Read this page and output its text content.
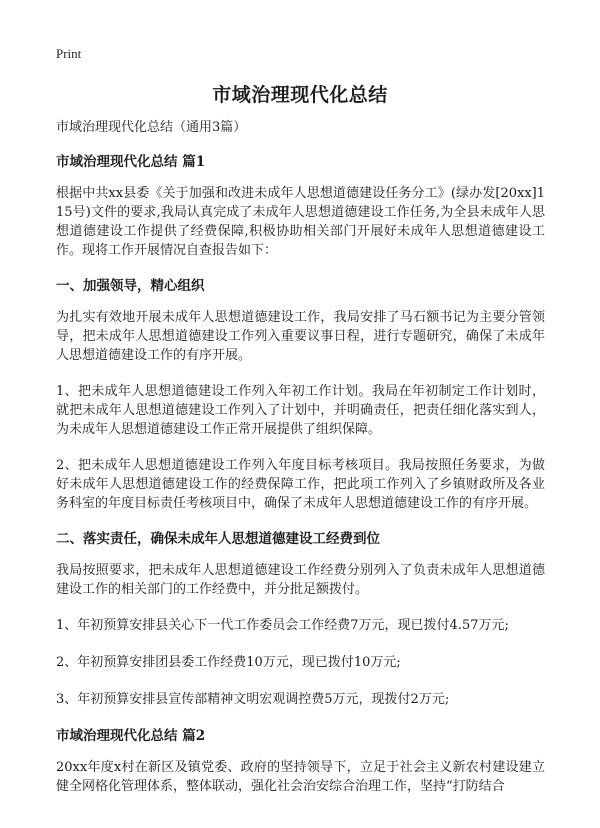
Print
市域治理现代化总结
市域治理现代化总结（通用3篇）
市域治理现代化总结 篇1
根据中共xx县委《关于加强和改进未成年人思想道德建设任务分工》(绿办发[20xx]115号)文件的要求,我局认真完成了未成年人思想道德建设工作任务,为全县未成年人思想道德建设工作提供了经费保障,积极协助相关部门开展好未成年人思想道德建设工作。现将工作开展情况自查报告如下：
一、加强领导，精心组织
为扎实有效地开展未成年人思想道德建设工作，我局安排了马石额书记为主要分管领导，把未成年人思想道德建设工作列入重要议事日程，进行专题研究，确保了未成年人思想道德建设工作的有序开展。
1、把未成年人思想道德建设工作列入年初工作计划。我局在年初制定工作计划时，就把未成年人思想道德建设工作列入了计划中，并明确责任，把责任细化落实到人，为未成年人思想道德建设工作正常开展提供了组织保障。
2、把未成年人思想道德建设工作列入年度目标考核项目。我局按照任务要求，为做好未成年人思想道德建设工作的经费保障工作，把此项工作列入了乡镇财政所及各业务科室的年度目标责任考核项目中，确保了未成年人思想道德建设工作的有序开展。
二、落实责任，确保未成年人思想道德建设工经费到位
我局按照要求，把未成年人思想道德建设工作经费分别列入了负责未成年人思想道德建设工作的相关部门的工作经费中，并分批足额拨付。
1、年初预算安排县关心下一代工作委员会工作经费7万元，现已拨付4.57万元;
2、年初预算安排团县委工作经费10万元，现已拨付10万元;
3、年初预算安排县宣传部精神文明宏观调控费5万元，现拨付2万元;
市域治理现代化总结 篇2
20xx年度x村在新区及镇党委、政府的坚持领导下，立足于社会主义新农村建设建立健全网格化管理体系，整体联动，强化社会治安综合治理工作，坚持“打防结合
